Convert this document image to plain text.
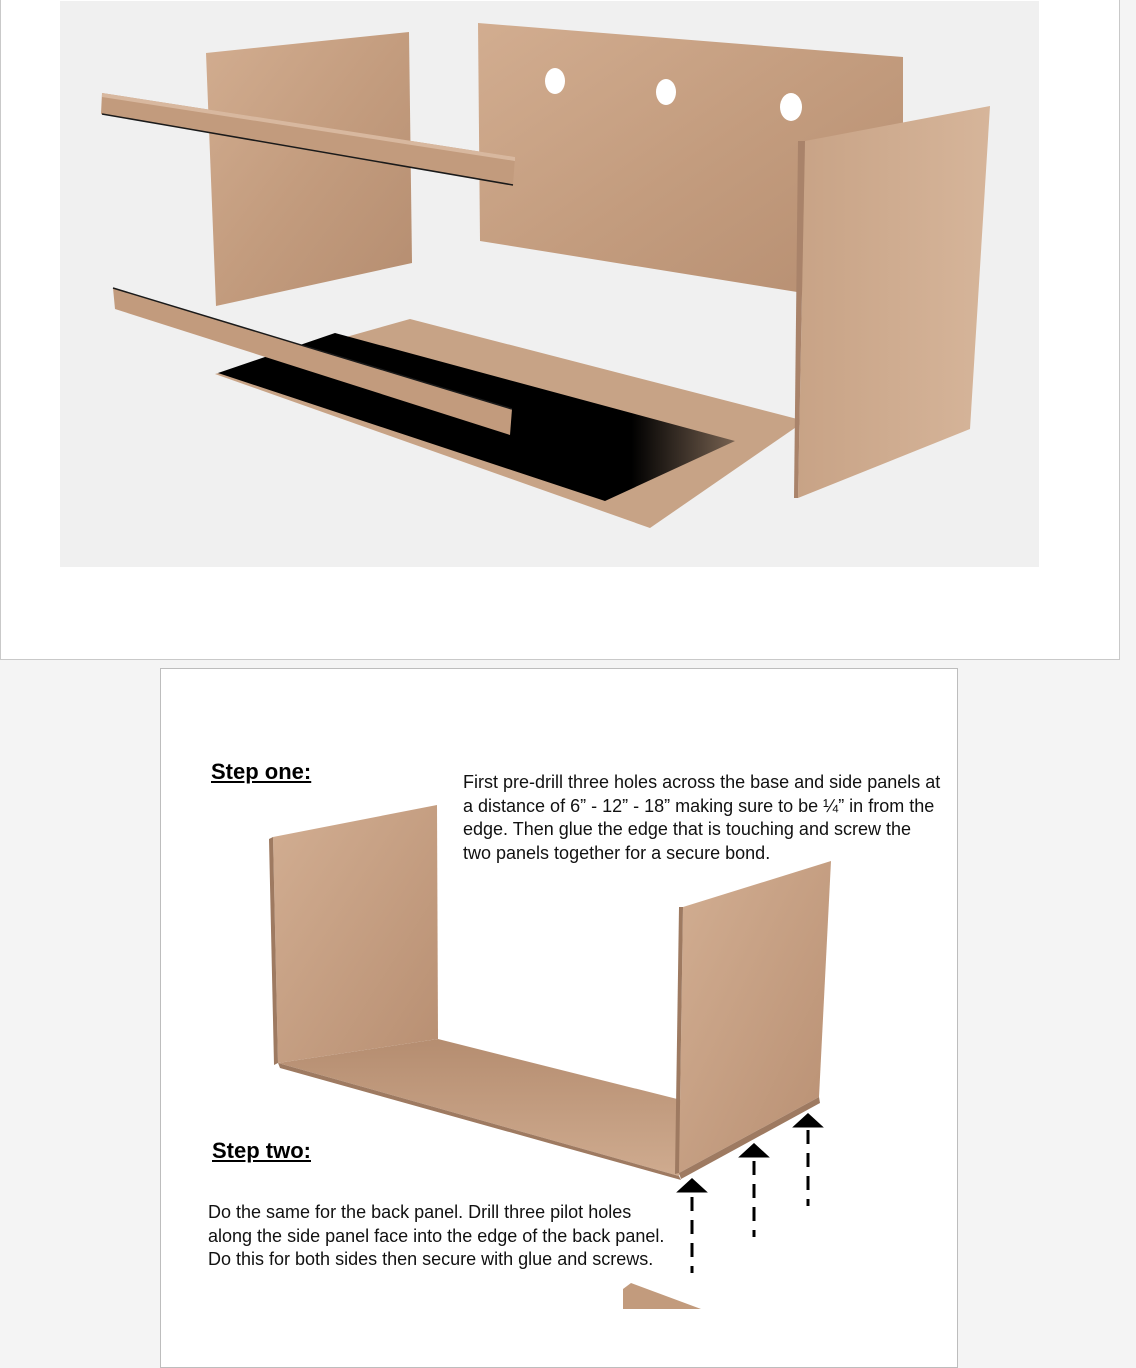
Step one:	First pre-drill three holes across the base and side panels at a distance of 6” - 12” - 18” making sure to be ¼” in from the edge. Then glue the edge that is touching and screw the two panels together for a secure bond.

Step two:

Do the same for the back panel. Drill three pilot holes along the side panel face into the edge of the back panel. Do this for both sides then secure with glue and screws.
